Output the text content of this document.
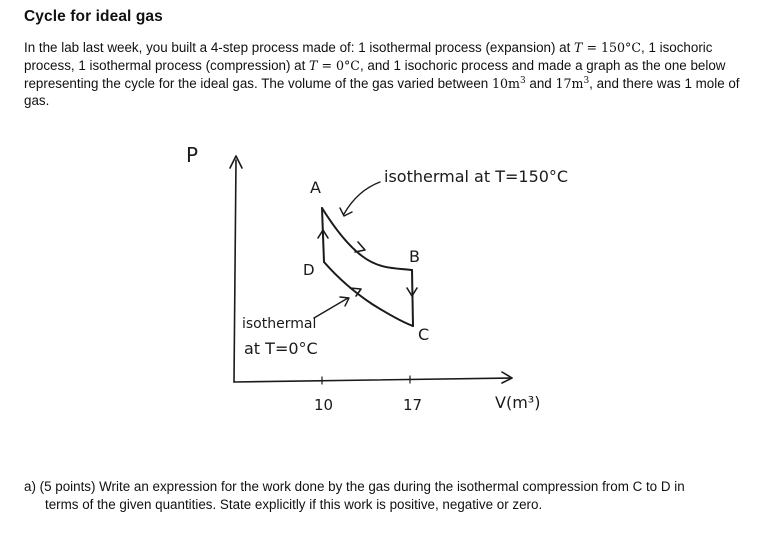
Cycle for ideal gas
In the lab last week, you built a 4-step process made of: 1 isothermal process (expansion) at T = 150°C, 1 isochoric process, 1 isothermal process (compression) at T = 0°C, and 1 isochoric process and made a graph as the one below representing the cycle for the ideal gas. The volume of the gas varied between $10m^3$ and $17m^3$, and there was 1 mole of gas.
P
V(m³)
10	17
A
B
C
D
isothermal at T=150°C
isothermal
at T=0°C
a) (5 points) Write an expression for the work done by the gas during the isothermal compression from C to D in
terms of the given quantities. State explicitly if this work is positive, negative or zero.
